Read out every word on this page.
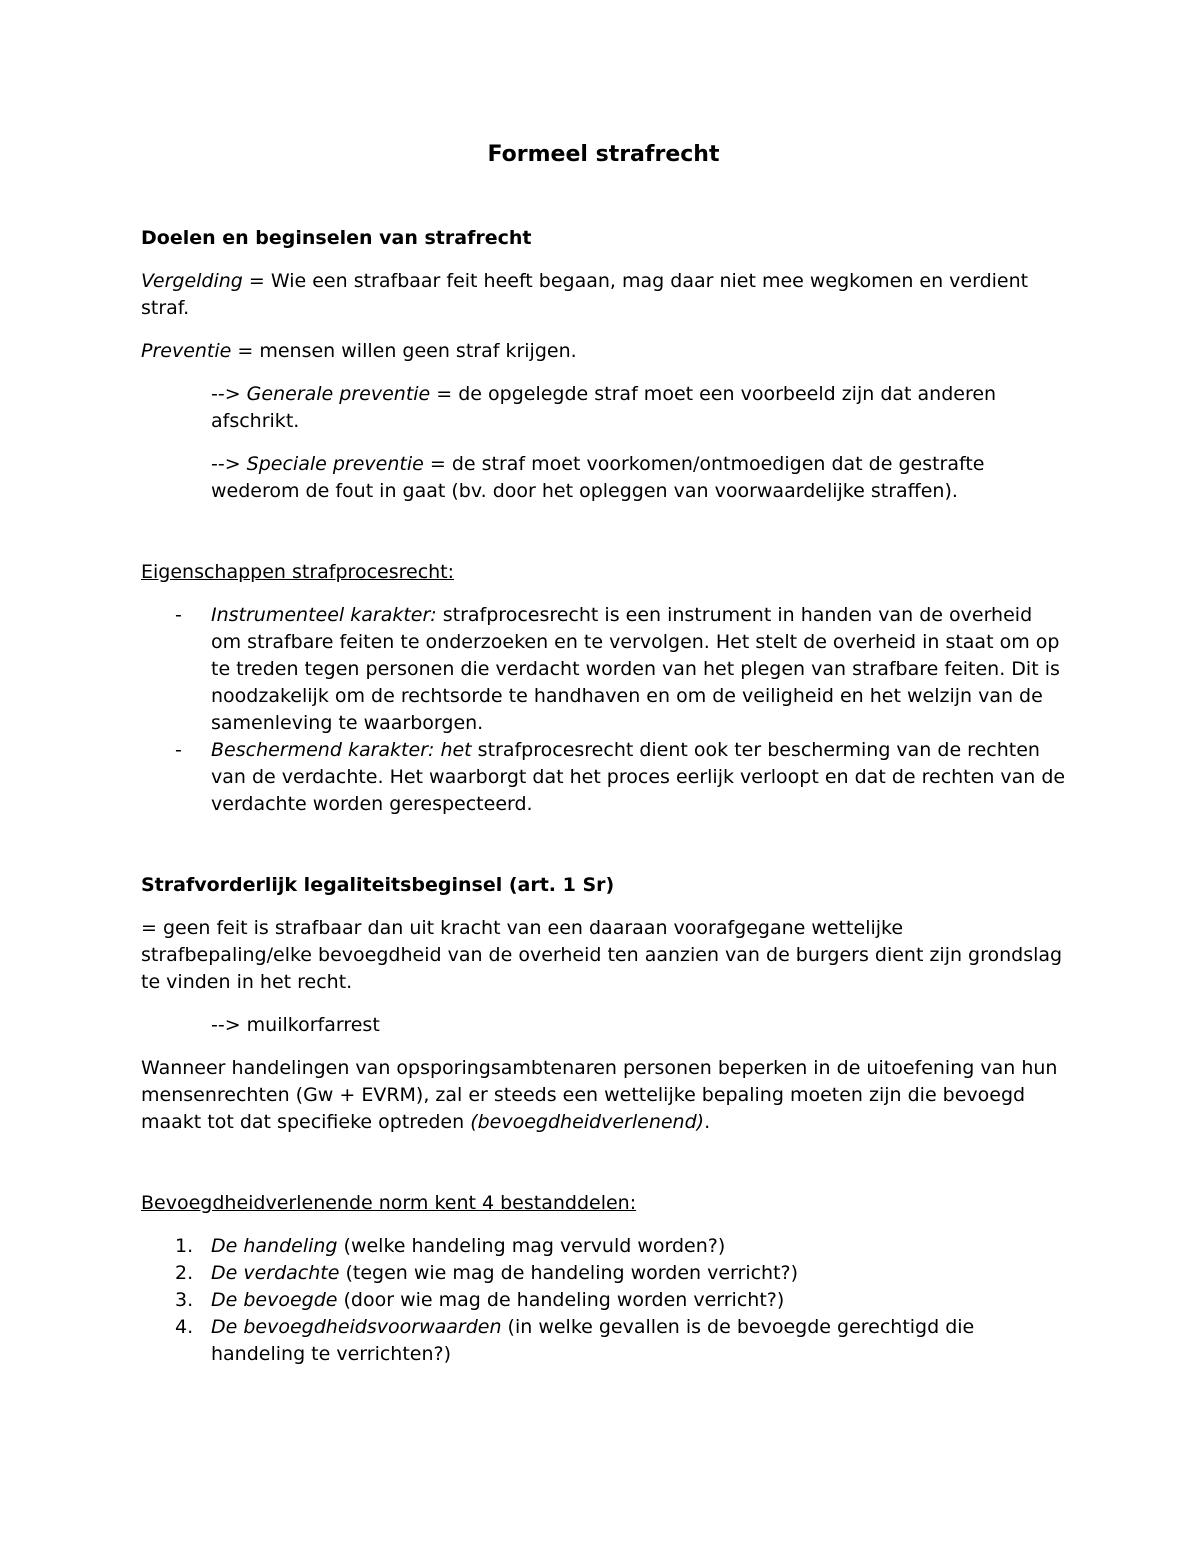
Formeel strafrecht
Doelen en beginselen van strafrecht

Vergelding = Wie een strafbaar feit heeft begaan, mag daar niet mee wegkomen en verdient straf.

Preventie = mensen willen geen straf krijgen.

--> Generale preventie = de opgelegde straf moet een voorbeeld zijn dat anderen afschrikt.

--> Speciale preventie = de straf moet voorkomen/ontmoedigen dat de gestrafte wederom de fout in gaat (bv. door het opleggen van voorwaardelijke straffen).

Eigenschappen strafprocesrecht:

- Instrumenteel karakter: strafprocesrecht is een instrument in handen van de overheid om strafbare feiten te onderzoeken en te vervolgen. Het stelt de overheid in staat om op te treden tegen personen die verdacht worden van het plegen van strafbare feiten. Dit is noodzakelijk om de rechtsorde te handhaven en om de veiligheid en het welzijn van de samenleving te waarborgen.
- Beschermend karakter: het strafprocesrecht dient ook ter bescherming van de rechten van de verdachte. Het waarborgt dat het proces eerlijk verloopt en dat de rechten van de verdachte worden gerespecteerd.
Strafvorderlijk legaliteitsbeginsel (art. 1 Sr)

= geen feit is strafbaar dan uit kracht van een daaraan voorafgegane wettelijke strafbepaling/elke bevoegdheid van de overheid ten aanzien van de burgers dient zijn grondslag te vinden in het recht.

--> muilkorfarrest

Wanneer handelingen van opsporingsambtenaren personen beperken in de uitoefening van hun mensenrechten (Gw + EVRM), zal er steeds een wettelijke bepaling moeten zijn die bevoegd maakt tot dat specifieke optreden (bevoegdheidverlenend).

Bevoegdheidverlenende norm kent 4 bestanddelen:

1. De handeling (welke handeling mag vervuld worden?)
2. De verdachte (tegen wie mag de handeling worden verricht?)
3. De bevoegde (door wie mag de handeling worden verricht?)
4. De bevoegdheidsvoorwaarden (in welke gevallen is de bevoegde gerechtigd die handeling te verrichten?)
